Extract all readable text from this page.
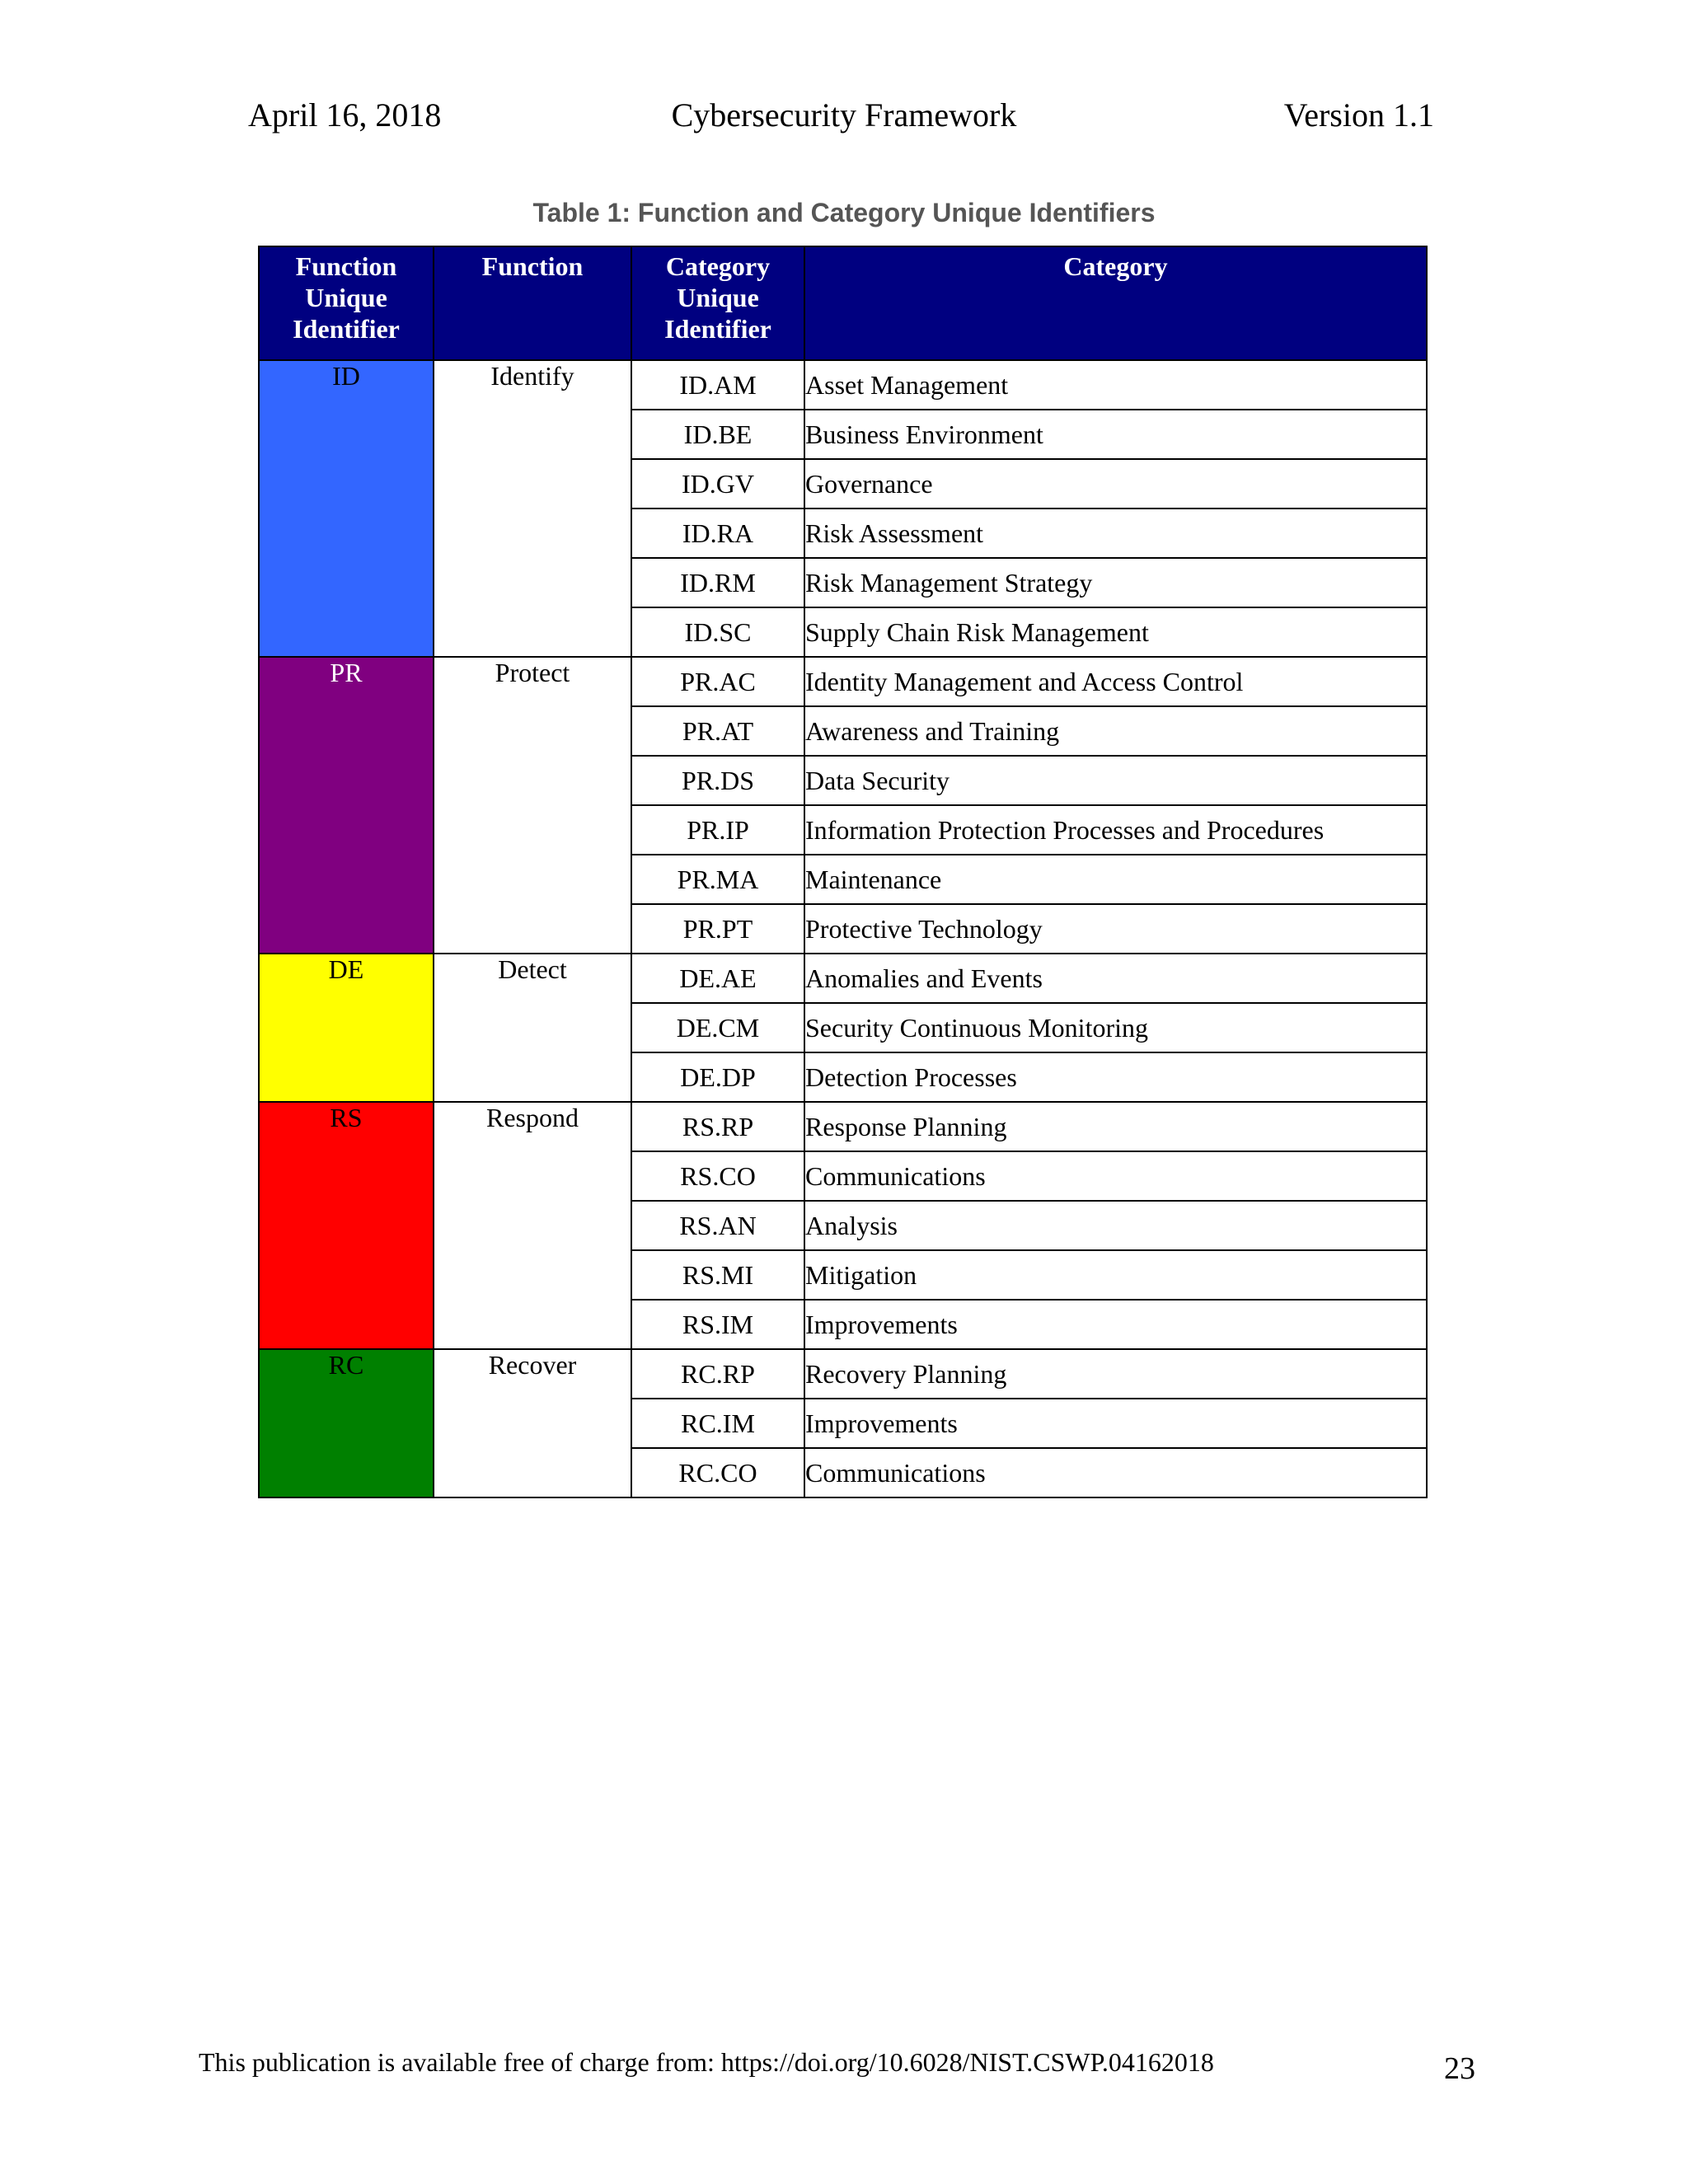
Cybersecurity Framework
April 16, 2018	Version 1.1
Table 1: Function and Category Unique Identifiers
Function Unique Identifier	Function	Category Unique Identifier	Category
ID	Identify	ID.AM	Asset Management
		ID.BE	Business Environment
		ID.GV	Governance
		ID.RA	Risk Assessment
		ID.RM	Risk Management Strategy
		ID.SC	Supply Chain Risk Management
PR	Protect	PR.AC	Identity Management and Access Control
		PR.AT	Awareness and Training
		PR.DS	Data Security
		PR.IP	Information Protection Processes and Procedures
		PR.MA	Maintenance
		PR.PT	Protective Technology
DE	Detect	DE.AE	Anomalies and Events
		DE.CM	Security Continuous Monitoring
		DE.DP	Detection Processes
RS	Respond	RS.RP	Response Planning
		RS.CO	Communications
		RS.AN	Analysis
		RS.MI	Mitigation
		RS.IM	Improvements
RC	Recover	RC.RP	Recovery Planning
		RC.IM	Improvements
		RC.CO	Communications
This publication is available free of charge from: https://doi.org/10.6028/NIST.CSWP.04162018	23
